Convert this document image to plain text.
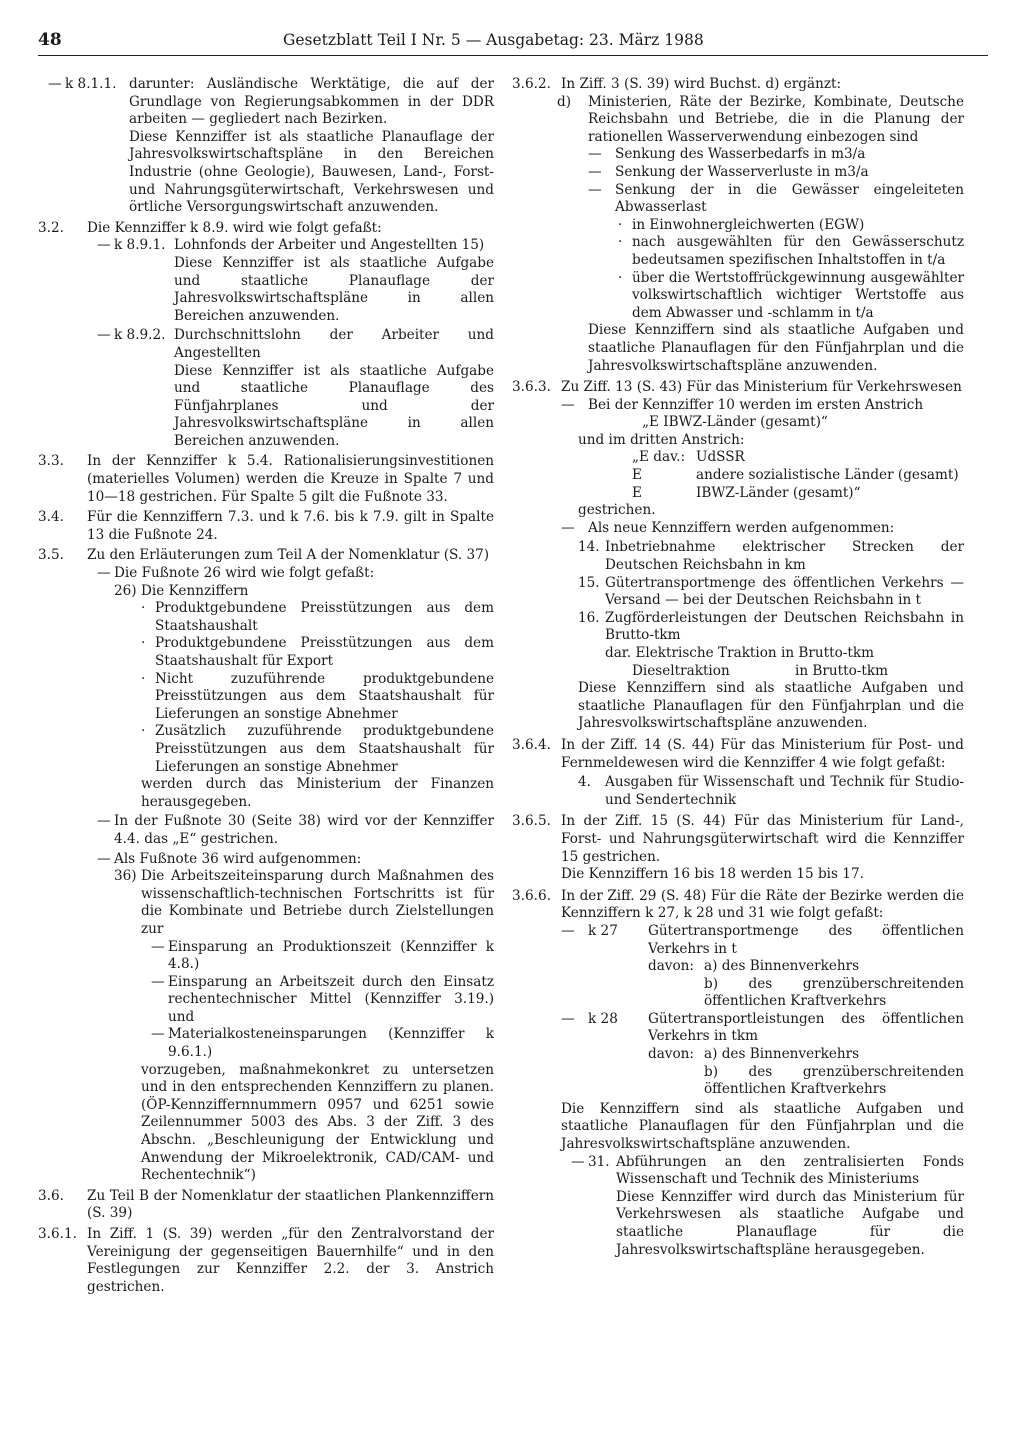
48	Gesetzblatt Teil I Nr. 5 — Ausgabetag: 23. März 1988
— k 8.1.1. darunter: Ausländische Werktätige, die auf der Grundlage von Regierungsabkommen in der DDR arbeiten — gegliedert nach Bezirken.

Diese Kennziffer ist als staatliche Planauflage der Jahresvolkswirtschaftspläne in den Bereichen Industrie (ohne Geologie), Bauwesen, Land-, Forst- und Nahrungsgüterwirtschaft, Verkehrswesen und örtliche Versorgungswirtschaft anzuwenden.

3.2.	Die Kennziffer k 8.9. wird wie folgt gefaßt:

— k 8.9.1. Lohnfonds der Arbeiter und Angestellten 15)

Diese Kennziffer ist als staatliche Aufgabe und staatliche Planauflage der Jahresvolkswirtschaftspläne in allen Bereichen anzuwenden.

— k 8.9.2. Durchschnittslohn der Arbeiter und Angestellten

Diese Kennziffer ist als staatliche Aufgabe und staatliche Planauflage des Fünfjahrplanes und der Jahresvolkswirtschaftspläne in allen Bereichen anzuwenden.

3.3.	In der Kennziffer k 5.4. Rationalisierungsinvestitionen (materielles Volumen) werden die Kreuze in Spalte 7 und 10—18 gestrichen. Für Spalte 5 gilt die Fußnote 33.

3.4.	Für die Kennziffern 7.3. und k 7.6. bis k 7.9. gilt in Spalte 13 die Fußnote 24.

3.5.	Zu den Erläuterungen zum Teil A der Nomenklatur (S. 37)

— Die Fußnote 26 wird wie folgt gefaßt:

26) Die Kennziffern

· Produktgebundene Preisstützungen aus dem Staatshaushalt
· Produktgebundene Preisstützungen aus dem Staatshaushalt für Export
· Nicht zuzuführende produktgebundene Preisstützungen aus dem Staatshaushalt für Lieferungen an sonstige Abnehmer
· Zusätzlich zuzuführende produktgebundene Preisstützungen aus dem Staatshaushalt für Lieferungen an sonstige Abnehmer

werden durch das Ministerium der Finanzen herausgegeben.

— In der Fußnote 30 (Seite 38) wird vor der Kennziffer 4.4. das „E“ gestrichen.

— Als Fußnote 36 wird aufgenommen:

36) Die Arbeitszeiteinsparung durch Maßnahmen des wissenschaftlich-technischen Fortschritts ist für die Kombinate und Betriebe durch Zielstellungen zur

— Einsparung an Produktionszeit (Kennziffer k 4.8.)
— Einsparung an Arbeitszeit durch den Einsatz rechentechnischer Mittel (Kennziffer 3.19.) und
— Materialkosteneinsparungen (Kennziffer k 9.6.1.)

vorzugeben, maßnahmekonkret zu untersetzen und in den entsprechenden Kennziffern zu planen. (ÖP-Kennziffernnummern 0957 und 6251 sowie Zeilennummer 5003 des Abs. 3 der Ziff. 3 des Abschn. „Beschleunigung der Entwicklung und Anwendung der Mikroelektronik, CAD/CAM- und Rechentechnik“)

3.6.	Zu Teil B der Nomenklatur der staatlichen Plankennziffern (S. 39)

3.6.1. In Ziff. 1 (S. 39) werden „für den Zentralvorstand der Vereinigung der gegenseitigen Bauernhilfe“ und in den Festlegungen zur Kennziffer 2.2. der 3. Anstrich gestrichen.

3.6.2. In Ziff. 3 (S. 39) wird Buchst. d) ergänzt:

d)	Ministerien, Räte der Bezirke, Kombinate, Deutsche Reichsbahn und Betriebe, die in die Planung der rationellen Wasserverwendung einbezogen sind

— Senkung des Wasserbedarfs in m3/a
— Senkung der Wasserverluste in m3/a
— Senkung der in die Gewässer eingeleiteten Abwasserlast
· in Einwohnergleichwerten (EGW)
· nach ausgewählten für den Gewässerschutz bedeutsamen spezifischen Inhaltstoffen in t/a
· über die Wertstoffrückgewinnung ausgewählter volkswirtschaftlich wichtiger Wertstoffe aus dem Abwasser und -schlamm in t/a

Diese Kennziffern sind als staatliche Aufgaben und staatliche Planauflagen für den Fünfjahrplan und die Jahresvolkswirtschaftspläne anzuwenden.

3.6.3. Zu Ziff. 13 (S. 43) Für das Ministerium für Verkehrswesen

— Bei der Kennziffer 10 werden im ersten Anstrich

„E IBWZ-Länder (gesamt)“

und im dritten Anstrich:

„E dav.: UdSSR
E	andere sozialistische Länder (gesamt)
E	IBWZ-Länder (gesamt)“

gestrichen.

— Als neue Kennziffern werden aufgenommen:

14. Inbetriebnahme elektrischer Strecken der Deutschen Reichsbahn in km
15. Gütertransportmenge des öffentlichen Verkehrs — Versand — bei der Deutschen Reichsbahn in t
16. Zugförderleistungen der Deutschen Reichsbahn in Brutto-tkm

dar. Elektrische Traktion in Brutto-tkm

Dieseltraktion	in Brutto-tkm

Diese Kennziffern sind als staatliche Aufgaben und staatliche Planauflagen für den Fünfjahrplan und die Jahresvolkswirtschaftspläne anzuwenden.

3.6.4. In der Ziff. 14 (S. 44) Für das Ministerium für Post- und Fernmeldewesen wird die Kennziffer 4 wie folgt gefaßt:

4.	Ausgaben für Wissenschaft und Technik für Studio- und Sendertechnik
3.6.5. In der Ziff. 15 (S. 44) Für das Ministerium für Land-, Forst- und Nahrungsgüterwirtschaft wird die Kennziffer 15 gestrichen.

Die Kennziffern 16 bis 18 werden 15 bis 17.

3.6.6. In der Ziff. 29 (S. 48) Für die Räte der Bezirke werden die Kennziffern k 27, k 28 und 31 wie folgt gefaßt:

— k 27	Gütertransportmenge des öffentlichen Verkehrs in t
davon: a) des Binnenverkehrs

b) des grenzüberschreitenden öffentlichen Kraftverkehrs

— k 28	Gütertransportleistungen des öffentlichen Verkehrs in tkm
davon: a) des Binnenverkehrs

b) des grenzüberschreitenden öffentlichen Kraftverkehrs

Die Kennziffern sind als staatliche Aufgaben und staatliche Planauflagen für den Fünfjahrplan und die Jahresvolkswirtschaftspläne anzuwenden.

— 31. Abführungen an den zentralisierten Fonds Wissenschaft und Technik des Ministeriums

Diese Kennziffer wird durch das Ministerium für Verkehrswesen als staatliche Aufgabe und staatliche Planauflage für die Jahresvolkswirtschaftspläne herausgegeben.
